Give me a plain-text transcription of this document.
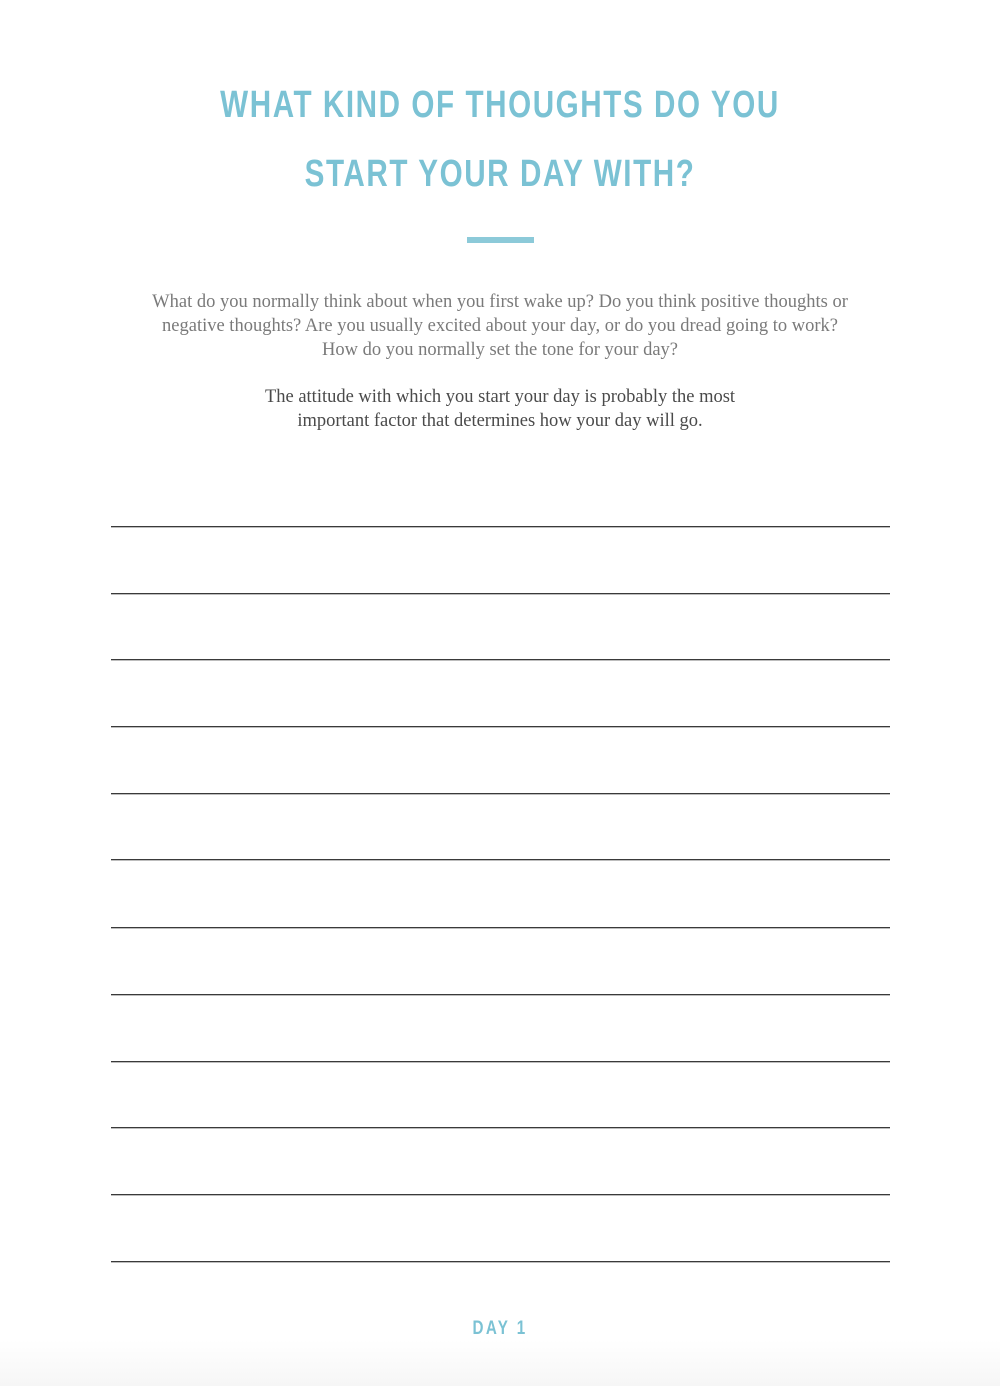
WHAT KIND OF THOUGHTS DO YOU
START YOUR DAY WITH?
What do you normally think about when you first wake up? Do you think positive thoughts or
negative thoughts? Are you usually excited about your day, or do you dread going to work?
How do you normally set the tone for your day?
The attitude with which you start your day is probably the most
important factor that determines how your day will go.
DAY 1
